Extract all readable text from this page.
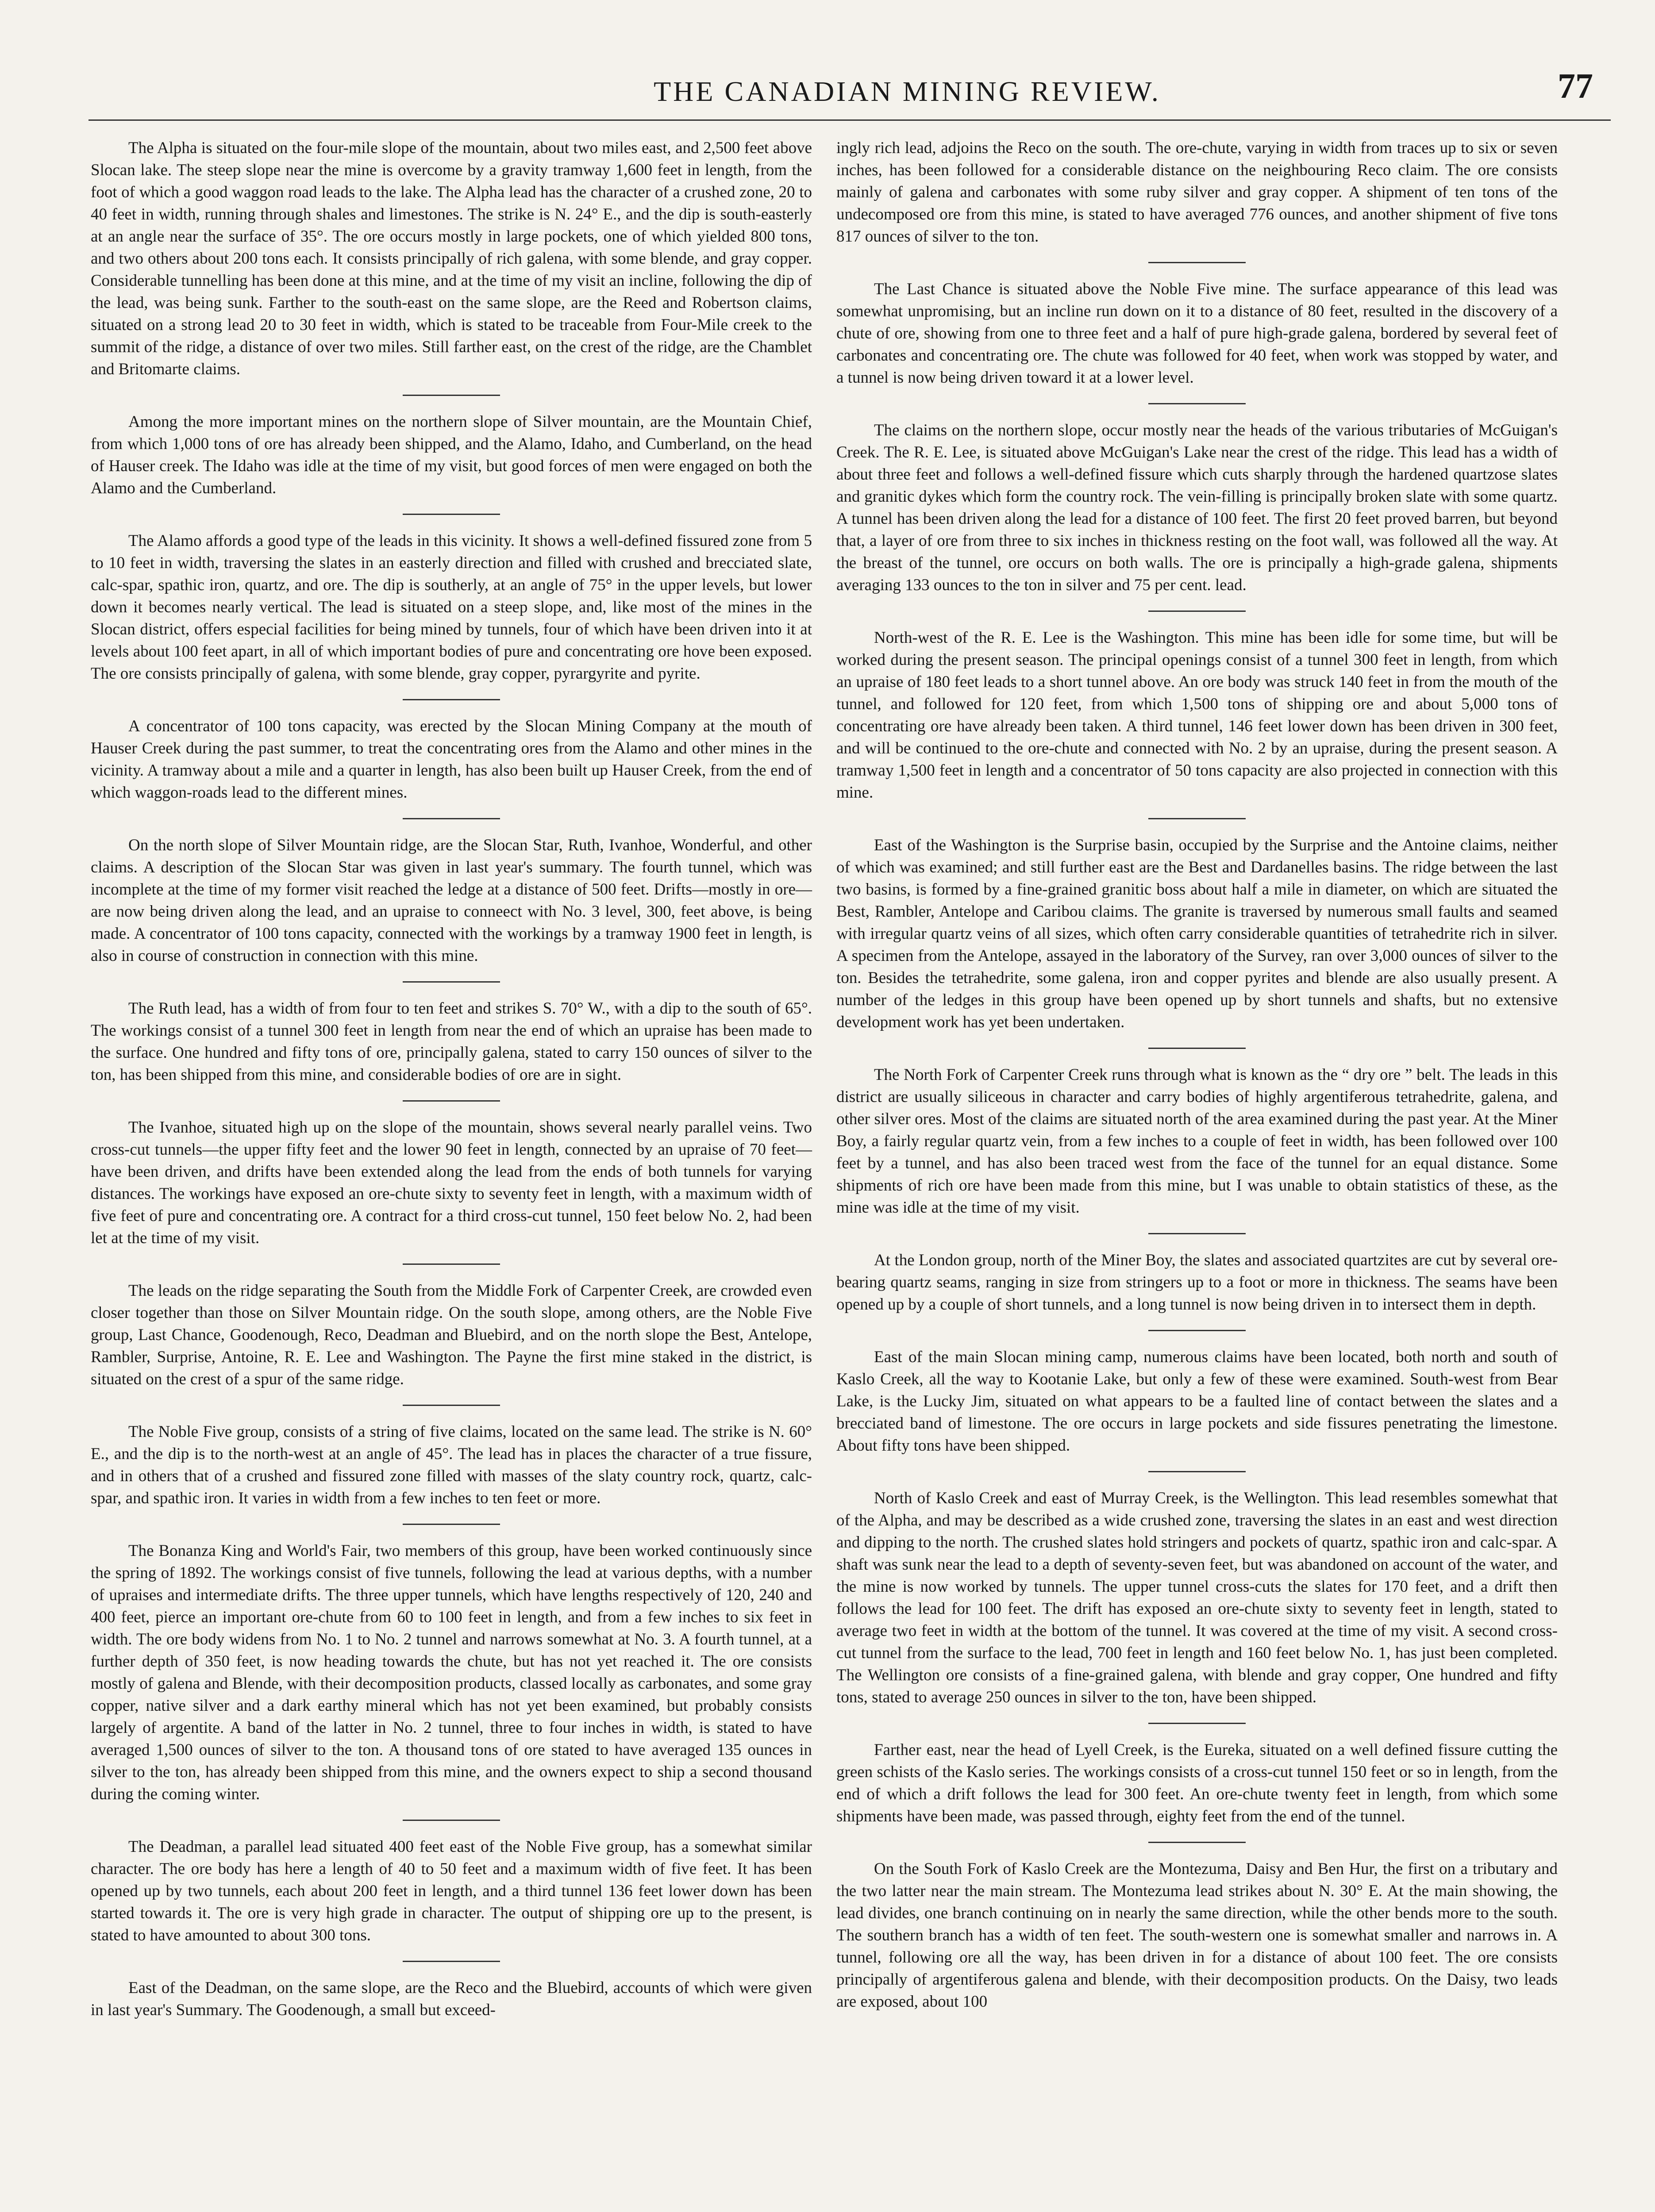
THE CANADIAN MINING REVIEW.	77

The Alpha is situated on the four-mile slope of the mountain, about two miles east, and 2,500 feet above Slocan lake. The steep slope near the mine is overcome by a gravity tramway 1,600 feet in length, from the foot of which a good waggon road leads to the lake. The Alpha lead has the character of a crushed zone, 20 to 40 feet in width, running through shales and limestones. The strike is N. 24° E., and the dip is south-easterly at an angle near the surface of 35°. The ore occurs mostly in large pockets, one of which yielded 800 tons, and two others about 200 tons each. It consists principally of rich galena, with some blende, and gray copper. Considerable tunnelling has been done at this mine, and at the time of my visit an incline, following the dip of the lead, was being sunk. Farther to the south-east on the same slope, are the Reed and Robertson claims, situated on a strong lead 20 to 30 feet in width, which is stated to be traceable from Four-Mile creek to the summit of the ridge, a distance of over two miles. Still farther east, on the crest of the ridge, are the Chamblet and Britomarte claims.

Among the more important mines on the northern slope of Silver mountain, are the Mountain Chief, from which 1,000 tons of ore has already been shipped, and the Alamo, Idaho, and Cumberland, on the head of Hauser creek. The Idaho was idle at the time of my visit, but good forces of men were engaged on both the Alamo and the Cumberland.

The Alamo affords a good type of the leads in this vicinity. It shows a well-defined fissured zone from 5 to 10 feet in width, traversing the slates in an easterly direction and filled with crushed and brecciated slate, calc-spar, spathic iron, quartz, and ore. The dip is southerly, at an angle of 75° in the upper levels, but lower down it becomes nearly vertical. The lead is situated on a steep slope, and, like most of the mines in the Slocan district, offers especial facilities for being mined by tunnels, four of which have been driven into it at levels about 100 feet apart, in all of which important bodies of pure and concentrating ore hove been exposed. The ore consists principally of galena, with some blende, gray copper, pyrargyrite and pyrite.

A concentrator of 100 tons capacity, was erected by the Slocan Mining Company at the mouth of Hauser Creek during the past summer, to treat the concentrating ores from the Alamo and other mines in the vicinity. A tramway about a mile and a quarter in length, has also been built up Hauser Creek, from the end of which waggon-roads lead to the different mines.

On the north slope of Silver Mountain ridge, are the Slocan Star, Ruth, Ivanhoe, Wonderful, and other claims. A description of the Slocan Star was given in last year's summary. The fourth tunnel, which was incomplete at the time of my former visit reached the ledge at a distance of 500 feet. Drifts—mostly in ore—are now being driven along the lead, and an upraise to conneect with No. 3 level, 300, feet above, is being made. A concentrator of 100 tons capacity, connected with the workings by a tramway 1900 feet in length, is also in course of construction in connection with this mine.

The Ruth lead, has a width of from four to ten feet and strikes S. 70° W., with a dip to the south of 65°. The workings consist of a tunnel 300 feet in length from near the end of which an upraise has been made to the surface. One hundred and fifty tons of ore, principally galena, stated to carry 150 ounces of silver to the ton, has been shipped from this mine, and considerable bodies of ore are in sight.

The Ivanhoe, situated high up on the slope of the mountain, shows several nearly parallel veins. Two cross-cut tunnels—the upper fifty feet and the lower 90 feet in length, connected by an upraise of 70 feet—have been driven, and drifts have been extended along the lead from the ends of both tunnels for varying distances. The workings have exposed an ore-chute sixty to seventy feet in length, with a maximum width of five feet of pure and concentrating ore. A contract for a third cross-cut tunnel, 150 feet below No. 2, had been let at the time of my visit.

The leads on the ridge separating the South from the Middle Fork of Carpenter Creek, are crowded even closer together than those on Silver Mountain ridge. On the south slope, among others, are the Noble Five group, Last Chance, Goodenough, Reco, Deadman and Bluebird, and on the north slope the Best, Antelope, Rambler, Surprise, Antoine, R. E. Lee and Washington. The Payne the first mine staked in the district, is situated on the crest of a spur of the same ridge.

The Noble Five group, consists of a string of five claims, located on the same lead. The strike is N. 60° E., and the dip is to the north-west at an angle of 45°. The lead has in places the character of a true fissure, and in others that of a crushed and fissured zone filled with masses of the slaty country rock, quartz, calc-spar, and spathic iron. It varies in width from a few inches to ten feet or more.

The Bonanza King and World's Fair, two members of this group, have been worked continuously since the spring of 1892. The workings consist of five tunnels, following the lead at various depths, with a number of upraises and intermediate drifts. The three upper tunnels, which have lengths respectively of 120, 240 and 400 feet, pierce an important ore-chute from 60 to 100 feet in length, and from a few inches to six feet in width. The ore body widens from No. 1 to No. 2 tunnel and narrows somewhat at No. 3. A fourth tunnel, at a further depth of 350 feet, is now heading towards the chute, but has not yet reached it. The ore consists mostly of galena and Blende, with their decomposition products, classed locally as carbonates, and some gray copper, native silver and a dark earthy mineral which has not yet been examined, but probably consists largely of argentite. A band of the latter in No. 2 tunnel, three to four inches in width, is stated to have averaged 1,500 ounces of silver to the ton. A thousand tons of ore stated to have averaged 135 ounces in silver to the ton, has already been shipped from this mine, and the owners expect to ship a second thousand during the coming winter.

The Deadman, a parallel lead situated 400 feet east of the Noble Five group, has a somewhat similar character. The ore body has here a length of 40 to 50 feet and a maximum width of five feet. It has been opened up by two tunnels, each about 200 feet in length, and a third tunnel 136 feet lower down has been started towards it. The ore is very high grade in character. The output of shipping ore up to the present, is stated to have amounted to about 300 tons.

East of the Deadman, on the same slope, are the Reco and the Bluebird, accounts of which were given in last year's Summary. The Goodenough, a small but exceed-

ingly rich lead, adjoins the Reco on the south. The ore-chute, varying in width from traces up to six or seven inches, has been followed for a considerable distance on the neighbouring Reco claim. The ore consists mainly of galena and carbonates with some ruby silver and gray copper. A shipment of ten tons of the undecomposed ore from this mine, is stated to have averaged 776 ounces, and another shipment of five tons 817 ounces of silver to the ton.

The Last Chance is situated above the Noble Five mine. The surface appearance of this lead was somewhat unpromising, but an incline run down on it to a distance of 80 feet, resulted in the discovery of a chute of ore, showing from one to three feet and a half of pure high-grade galena, bordered by several feet of carbonates and concentrating ore. The chute was followed for 40 feet, when work was stopped by water, and a tunnel is now being driven toward it at a lower level.

The claims on the northern slope, occur mostly near the heads of the various tributaries of McGuigan's Creek. The R. E. Lee, is situated above McGuigan's Lake near the crest of the ridge. This lead has a width of about three feet and follows a well-defined fissure which cuts sharply through the hardened quartzose slates and granitic dykes which form the country rock. The vein-filling is principally broken slate with some quartz. A tunnel has been driven along the lead for a distance of 100 feet. The first 20 feet proved barren, but beyond that, a layer of ore from three to six inches in thickness resting on the foot wall, was followed all the way. At the breast of the tunnel, ore occurs on both walls. The ore is principally a high-grade galena, shipments averaging 133 ounces to the ton in silver and 75 per cent. lead.

North-west of the R. E. Lee is the Washington. This mine has been idle for some time, but will be worked during the present season. The principal openings consist of a tunnel 300 feet in length, from which an upraise of 180 feet leads to a short tunnel above. An ore body was struck 140 feet in from the mouth of the tunnel, and followed for 120 feet, from which 1,500 tons of shipping ore and about 5,000 tons of concentrating ore have already been taken. A third tunnel, 146 feet lower down has been driven in 300 feet, and will be continued to the ore-chute and connected with No. 2 by an upraise, during the present season. A tramway 1,500 feet in length and a concentrator of 50 tons capacity are also projected in connection with this mine.

East of the Washington is the Surprise basin, occupied by the Surprise and the Antoine claims, neither of which was examined; and still further east are the Best and Dardanelles basins. The ridge between the last two basins, is formed by a fine-grained granitic boss about half a mile in diameter, on which are situated the Best, Rambler, Antelope and Caribou claims. The granite is traversed by numerous small faults and seamed with irregular quartz veins of all sizes, which often carry considerable quantities of tetrahedrite rich in silver. A specimen from the Antelope, assayed in the laboratory of the Survey, ran over 3,000 ounces of silver to the ton. Besides the tetrahedrite, some galena, iron and copper pyrites and blende are also usually present. A number of the ledges in this group have been opened up by short tunnels and shafts, but no extensive development work has yet been undertaken.

The North Fork of Carpenter Creek runs through what is known as the “ dry ore ” belt. The leads in this district are usually siliceous in character and carry bodies of highly argentiferous tetrahedrite, galena, and other silver ores. Most of the claims are situated north of the area examined during the past year. At the Miner Boy, a fairly regular quartz vein, from a few inches to a couple of feet in width, has been followed over 100 feet by a tunnel, and has also been traced west from the face of the tunnel for an equal distance. Some shipments of rich ore have been made from this mine, but I was unable to obtain statistics of these, as the mine was idle at the time of my visit.

At the London group, north of the Miner Boy, the slates and associated quartzites are cut by several ore-bearing quartz seams, ranging in size from stringers up to a foot or more in thickness. The seams have been opened up by a couple of short tunnels, and a long tunnel is now being driven in to intersect them in depth.

East of the main Slocan mining camp, numerous claims have been located, both north and south of Kaslo Creek, all the way to Kootanie Lake, but only a few of these were examined. South-west from Bear Lake, is the Lucky Jim, situated on what appears to be a faulted line of contact between the slates and a brecciated band of limestone. The ore occurs in large pockets and side fissures penetrating the limestone. About fifty tons have been shipped.

North of Kaslo Creek and east of Murray Creek, is the Wellington. This lead resembles somewhat that of the Alpha, and may be described as a wide crushed zone, traversing the slates in an east and west direction and dipping to the north. The crushed slates hold stringers and pockets of quartz, spathic iron and calc-spar. A shaft was sunk near the lead to a depth of seventy-seven feet, but was abandoned on account of the water, and the mine is now worked by tunnels. The upper tunnel cross-cuts the slates for 170 feet, and a drift then follows the lead for 100 feet. The drift has exposed an ore-chute sixty to seventy feet in length, stated to average two feet in width at the bottom of the tunnel. It was covered at the time of my visit. A second cross-cut tunnel from the surface to the lead, 700 feet in length and 160 feet below No. 1, has just been completed. The Wellington ore consists of a fine-grained galena, with blende and gray copper, One hundred and fifty tons, stated to average 250 ounces in silver to the ton, have been shipped.

Farther east, near the head of Lyell Creek, is the Eureka, situated on a well defined fissure cutting the green schists of the Kaslo series. The workings consists of a cross-cut tunnel 150 feet or so in length, from the end of which a drift follows the lead for 300 feet. An ore-chute twenty feet in length, from which some shipments have been made, was passed through, eighty feet from the end of the tunnel.

On the South Fork of Kaslo Creek are the Montezuma, Daisy and Ben Hur, the first on a tributary and the two latter near the main stream. The Montezuma lead strikes about N. 30° E. At the main showing, the lead divides, one branch continuing on in nearly the same direction, while the other bends more to the south. The southern branch has a width of ten feet. The south-western one is somewhat smaller and narrows in. A tunnel, following ore all the way, has been driven in for a distance of about 100 feet. The ore consists principally of argentiferous galena and blende, with their decomposition products. On the Daisy, two leads are exposed, about 100
